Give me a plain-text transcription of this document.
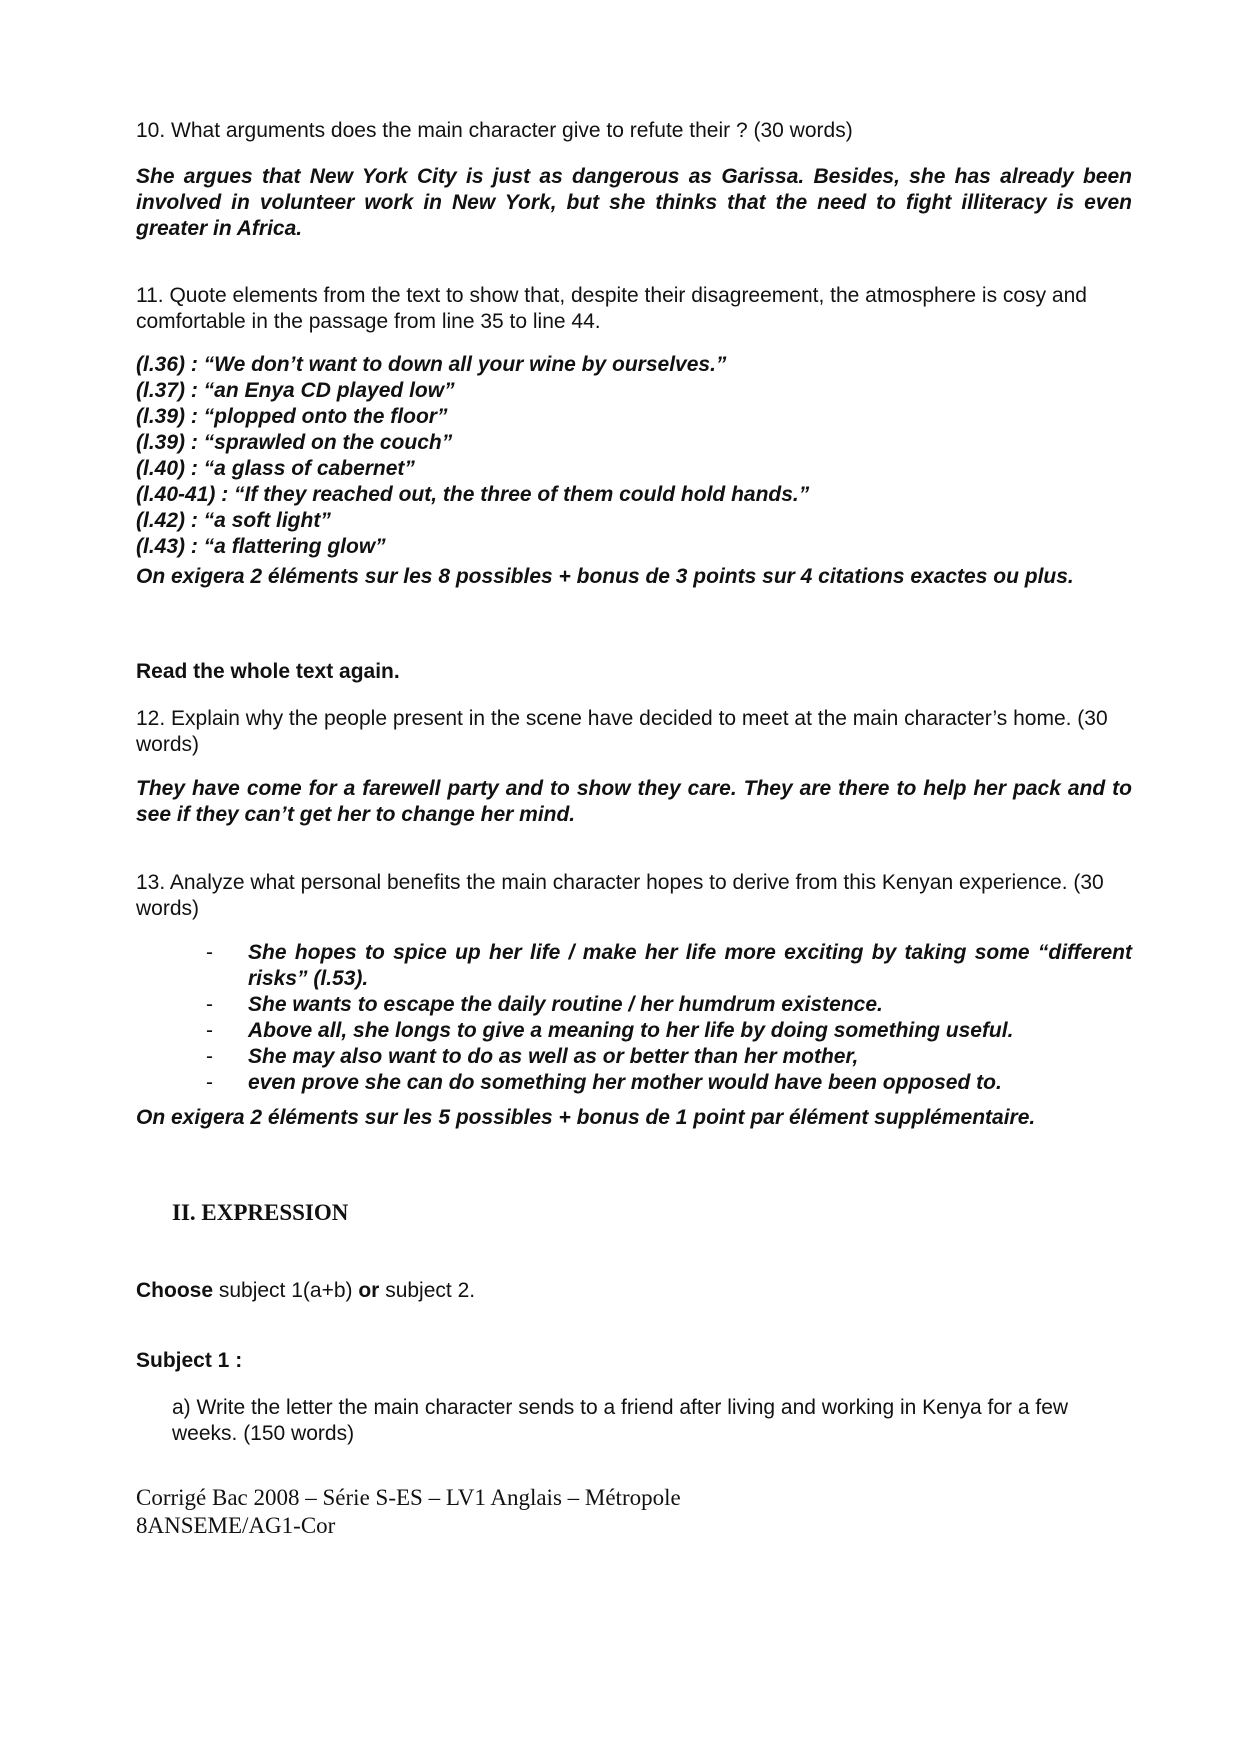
10. What arguments does the main character give to refute their ? (30 words)

She argues that New York City is just as dangerous as Garissa. Besides, she has already been involved in volunteer work in New York, but she thinks that the need to fight illiteracy is even greater in Africa.

11. Quote elements from the text to show that, despite their disagreement, the atmosphere is cosy and comfortable in the passage from line 35 to line 44.

(l.36) : “We don’t want to down all your wine by ourselves.”
(l.37) : “an Enya CD played low”
(l.39) : “plopped onto the floor”
(l.39) : “sprawled on the couch”
(l.40) : “a glass of cabernet”
(l.40-41) : “If they reached out, the three of them could hold hands.”
(l.42) : “a soft light”
(l.43) : “a flattering glow”

On exigera 2 éléments sur les 8 possibles + bonus de 3 points sur 4 citations exactes ou plus.

Read the whole text again.

12. Explain why the people present in the scene have decided to meet at the main character’s home. (30 words)

They have come for a farewell party and to show they care. They are there to help her pack and to see if they can’t get her to change her mind.

13. Analyze what personal benefits the main character hopes to derive from this Kenyan experience. (30 words)

- She hopes to spice up her life / make her life more exciting by taking some “different risks” (l.53).
- She wants to escape the daily routine / her humdrum existence.
- Above all, she longs to give a meaning to her life by doing something useful.
- She may also want to do as well as or better than her mother,
- even prove she can do something her mother would have been opposed to.

On exigera 2 éléments sur les 5 possibles + bonus de 1 point par élément supplémentaire.

II. EXPRESSION

Choose subject 1(a+b) or subject 2.

Subject 1 :

a) Write the letter the main character sends to a friend after living and working in Kenya for a few weeks. (150 words)

Corrigé Bac 2008 – Série S-ES – LV1 Anglais – Métropole

8ANSEME/AG1-Cor
